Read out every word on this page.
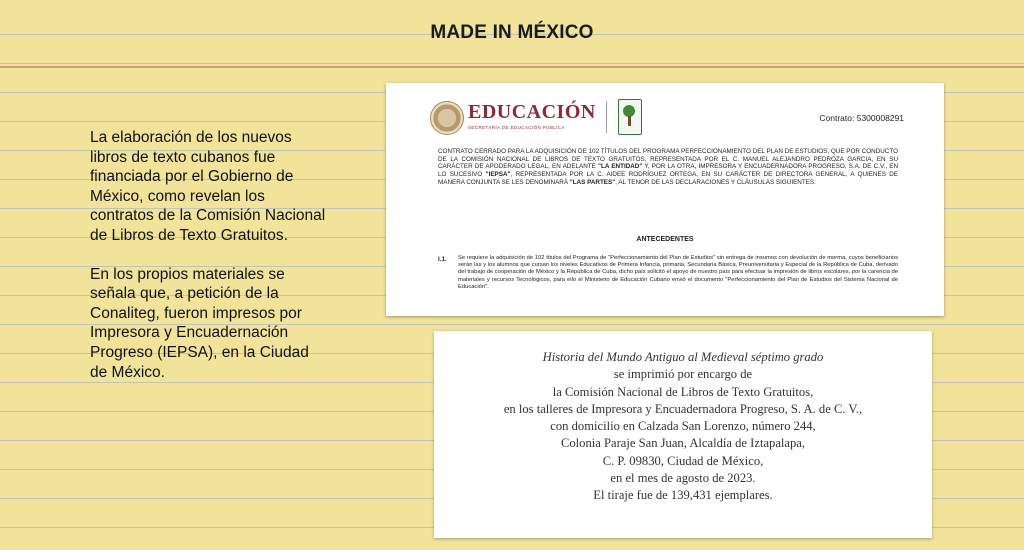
MADE IN MÉXICO

La elaboración de los nuevos libros de texto cubanos fue financiada por el Gobierno de México, como revelan los contratos de la Comisión Nacional de Libros de Texto Gratuitos.

En los propios materiales se señala que, a petición de la Conaliteg, fueron impresos por Impresora y Encuadernación Progreso (IEPSA), en la Ciudad de México.

EDUCACIÓN
SECRETARÍA DE EDUCACIÓN PÚBLICA
Contrato: 5300008291
CONTRATO CERRADO PARA LA ADQUISICIÓN DE 102 TÍTULOS DEL PROGRAMA PERFECCIONAMIENTO DEL PLAN DE ESTUDIOS, QUE POR CONDUCTO DE LA COMISIÓN NACIONAL DE LIBROS DE TEXTO GRATUITOS, REPRESENTADA POR EL C. MANUEL ALEJANDRO PEDROZA GARCIA, EN SU CARÁCTER DE APODERADO LEGAL, EN ADELANTE "LA ENTIDAD" Y, POR LA OTRA, IMPRESORA Y ENCUADERNADORA PROGRESO, S.A. DE C.V., EN LO SUCESIVO "IEPSA", REPRESENTADA POR LA C. AIDEE RODRÍGUEZ ORTEGA, EN SU CARÁCTER DE DIRECTORA GENERAL, A QUIENES DE MANERA CONJUNTA SE LES DENOMINARÁ "LAS PARTES", AL TENOR DE LAS DECLARACIONES Y CLÁUSULAS SIGUIENTES:
ANTECEDENTES
I.1. Se requiere la adquisición de 102 títulos del Programa de "Perfeccionamiento del Plan de Estudios" sin entrega de insumos con devolución de merma, cuyos beneficiarios serán las y los alumnos que cursan los niveles Educativos de Primera Infancia, primaria, Secundaria Básica, Preuniversitaria y Especial de la República de Cuba, derivado del trabajo de cooperación de México y la República de Cuba, dicho país solicitó el apoyo de nuestro país para efectuar la impresión de libros escolares, por la carencia de materiales y recursos Tecnológicos, para ello el Ministerio de Educación Cubano envió el documento "Perfeccionamiento del Plan de Estudios del Sistema Nacional de Educación".
Historia del Mundo Antiguo al Medieval séptimo grado
se imprimió por encargo de
la Comisión Nacional de Libros de Texto Gratuitos,
en los talleres de Impresora y Encuadernadora Progreso, S. A. de C. V.,
con domicilio en Calzada San Lorenzo, número 244,
Colonia Paraje San Juan, Alcaldía de Iztapalapa,
C. P. 09830, Ciudad de México,
en el mes de agosto de 2023.
El tiraje fue de 139,431 ejemplares.
